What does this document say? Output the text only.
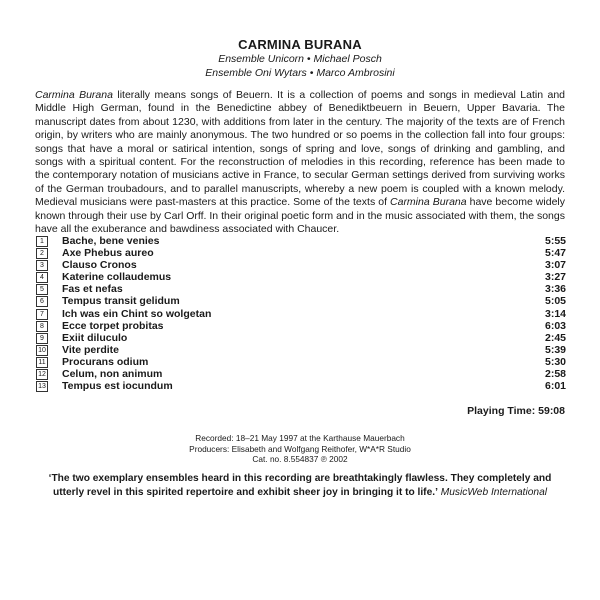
CARMINA BURANA
Ensemble Unicorn • Michael Posch
Ensemble Oni Wytars • Marco Ambrosini

Carmina Burana literally means songs of Beuern. It is a collection of poems and songs in medieval Latin and Middle High German, found in the Benedictine abbey of Benediktbeuern in Beuern, Upper Bavaria. The manuscript dates from about 1230, with additions from later in the century. The majority of the texts are of French origin, by writers who are mainly anonymous. The two hundred or so poems in the collection fall into four groups: songs that have a moral or satirical intention, songs of spring and love, songs of drinking and gambling, and songs with a spiritual content. For the reconstruction of melodies in this recording, reference has been made to the contemporary notation of musicians active in France, to secular German settings derived from surviving works of the German troubadours, and to parallel manuscripts, whereby a new poem is coupled with a known melody. Medieval musicians were past-masters at this practice. Some of the texts of Carmina Burana have become widely known through their use by Carl Orff. In their original poetic form and in the music associated with them, the songs have all the exuberance and bawdiness associated with Chaucer.

1	Bache, bene venies	5:55
2	Axe Phebus aureo	5:47
3	Clauso Cronos	3:07
4	Katerine collaudemus	3:27
5	Fas et nefas	3:36
6	Tempus transit gelidum	5:05
7	Ich was ein Chint so wolgetan	3:14
8	Ecce torpet probitas	6:03
9	Exiit diluculo	2:45
10 Vite perdite	5:39
11 Procurans odium	5:30
12 Celum, non animum	2:58
13 Tempus est iocundum	6:01
Playing Time: 59:08
Recorded: 18–21 May 1997 at the Karthause Mauerbach
Producers: Elisabeth and Wolfgang Reithofer, W*A*R Studio
Cat. no. 8.554837 ℗ 2002
‘The two exemplary ensembles heard in this recording are breathtakingly flawless. They completely and utterly revel in this spirited repertoire and exhibit sheer joy in bringing it to life.’ MusicWeb International
